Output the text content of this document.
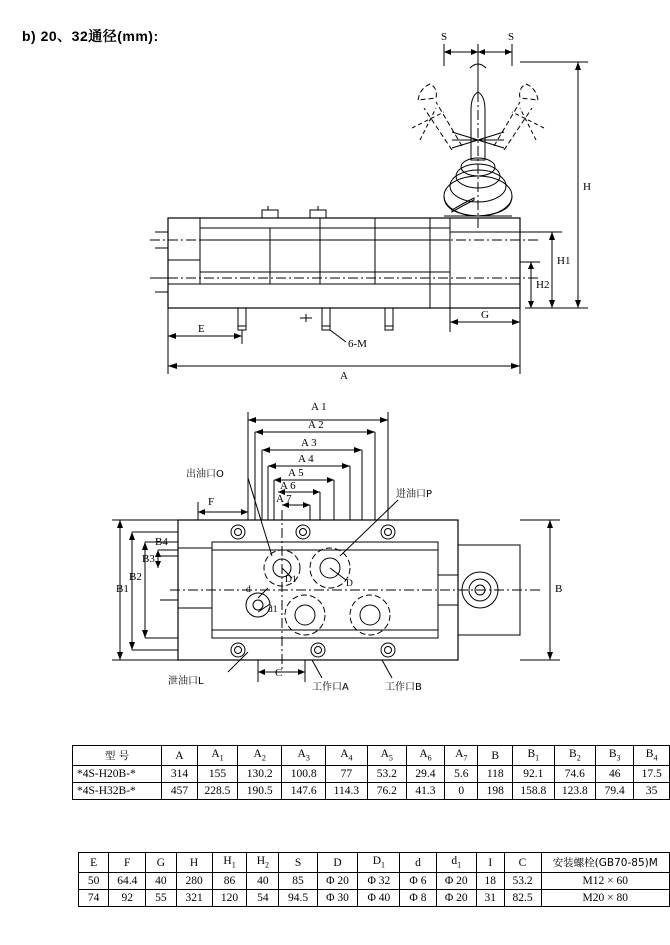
b) 20、32通径(mm):	S	S
H
H1
H2
E
G
A
6-M
A 1
A 2
A 3
A 4
A 5
A 6
A 7
F
B1
B2
B3
B4
B
C
D1	D
d
d1
出油口O
进油口P
泄油口L
工作口A	工作口B
型 号	A	$A_1$	$A_2$	$A_3$	$A_4$	$A_5$	$A_6$	$A_7$	B	$B_1$	$B_2$	$B_3$	$B_4$
*4S-H20B-*	314	155	130.2	100.8	77	53.2	29.4	5.6	118	92.1	74.6	46	17.5
*4S-H32B-*	457	228.5	190.5	147.6	114.3	76.2	41.3	0	198	158.8	123.8	79.4	35
E	F	G	H	$H_1$	$H_2$	S	D	$D_1$	d	$d_1$	I	C	安装螺栓(GB70-85)M
50	64.4	40	280	86	40	85	Φ 20	Φ 32	Φ 6	Φ 20	18	53.2	M12 × 60
74	92	55	321	120	54	94.5	Φ 30	Φ 40	Φ 8	Φ 20	31	82.5	M20 × 80
